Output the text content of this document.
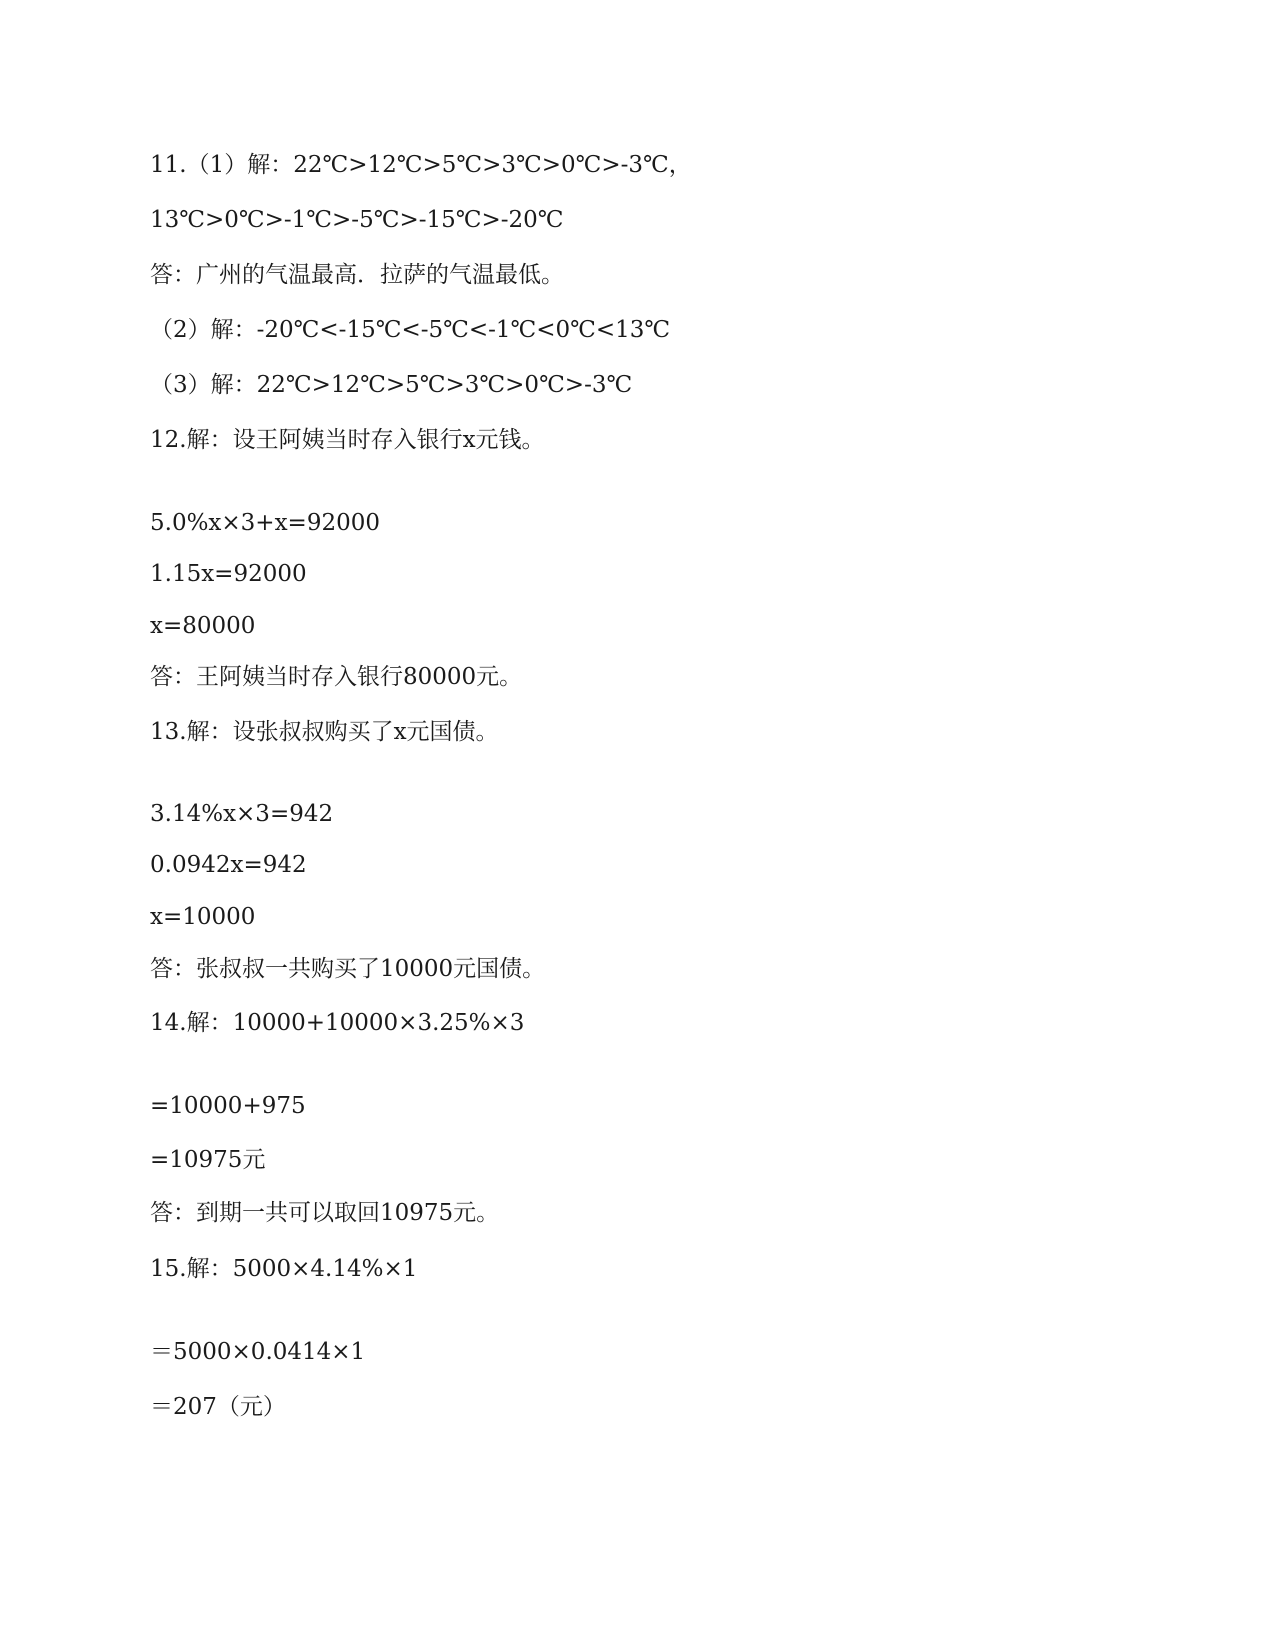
11.（1）解：22℃>12℃>5℃>3℃>0℃>-3℃，
13℃>0℃>-1℃>-5℃>-15℃>-20℃
答：广州的气温最高．拉萨的气温最低。
（2）解：-20℃<-15℃<-5℃<-1℃<0℃<13℃
（3）解：22℃>12℃>5℃>3℃>0℃>-3℃
12.解：设王阿姨当时存入银行x元钱。
5.0%x×3+x=92000
1.15x=92000
x=80000
答：王阿姨当时存入银行80000元。
13.解：设张叔叔购买了x元国债。
3.14%x×3=942
0.0942x=942
x=10000
答：张叔叔一共购买了10000元国债。
14.解：10000+10000×3.25%×3
=10000+975
=10975元
答：到期一共可以取回10975元。
15.解：5000×4.14%×1
＝5000×0.0414×1
＝207（元）
